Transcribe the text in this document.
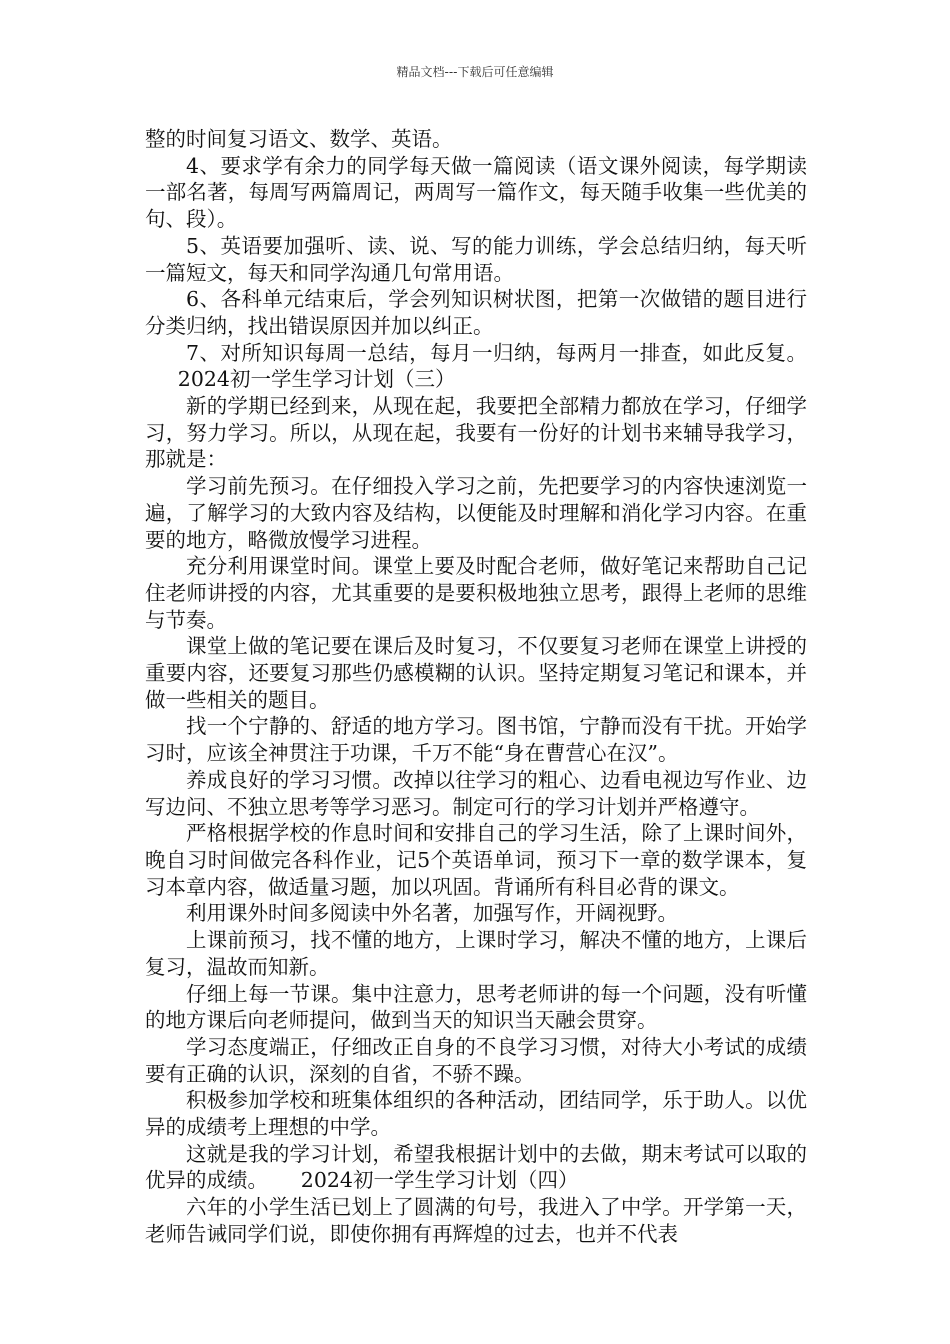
精品文档---下载后可任意编辑

整的时间复习语文、数学、英语。

4、要求学有余力的同学每天做一篇阅读（语文课外阅读，每学期读一部名著，每周写两篇周记，两周写一篇作文，每天随手收集一些优美的句、段）。

5、英语要加强听、读、说、写的能力训练，学会总结归纳，每天听一篇短文，每天和同学沟通几句常用语。

6、各科单元结束后，学会列知识树状图，把第一次做错的题目进行分类归纳，找出错误原因并加以纠正。

7、对所知识每周一总结，每月一归纳，每两月一排查，如此反复。2024初一学生学习计划（三）

新的学期已经到来，从现在起，我要把全部精力都放在学习，仔细学习，努力学习。所以，从现在起，我要有一份好的计划书来辅导我学习，那就是：

学习前先预习。在仔细投入学习之前，先把要学习的内容快速浏览一遍，了解学习的大致内容及结构，以便能及时理解和消化学习内容。在重要的地方，略微放慢学习进程。

充分利用课堂时间。课堂上要及时配合老师，做好笔记来帮助自己记住老师讲授的内容，尤其重要的是要积极地独立思考，跟得上老师的思维与节奏。

课堂上做的笔记要在课后及时复习，不仅要复习老师在课堂上讲授的重要内容，还要复习那些仍感模糊的认识。坚持定期复习笔记和课本，并做一些相关的题目。

找一个宁静的、舒适的地方学习。图书馆，宁静而没有干扰。开始学习时，应该全神贯注于功课，千万不能“身在曹营心在汉”。

养成良好的学习习惯。改掉以往学习的粗心、边看电视边写作业、边写边问、不独立思考等学习恶习。制定可行的学习计划并严格遵守。

严格根据学校的作息时间和安排自己的学习生活，除了上课时间外，晚自习时间做完各科作业，记5个英语单词，预习下一章的数学课本，复习本章内容，做适量习题，加以巩固。背诵所有科目必背的课文。

利用课外时间多阅读中外名著，加强写作，开阔视野。

上课前预习，找不懂的地方，上课时学习，解决不懂的地方，上课后复习，温故而知新。

仔细上每一节课。集中注意力，思考老师讲的每一个问题，没有听懂的地方课后向老师提问，做到当天的知识当天融会贯穿。

学习态度端正，仔细改正自身的不良学习习惯，对待大小考试的成绩要有正确的认识，深刻的自省，不骄不躁。

积极参加学校和班集体组织的各种活动，团结同学，乐于助人。以优异的成绩考上理想的中学。

这就是我的学习计划，希望我根据计划中的去做，期末考试可以取的优异的成绩。 2024初一学生学习计划（四）

六年的小学生活已划上了圆满的句号，我进入了中学。开学第一天，老师告诫同学们说，即使你拥有再辉煌的过去，也并不代表
